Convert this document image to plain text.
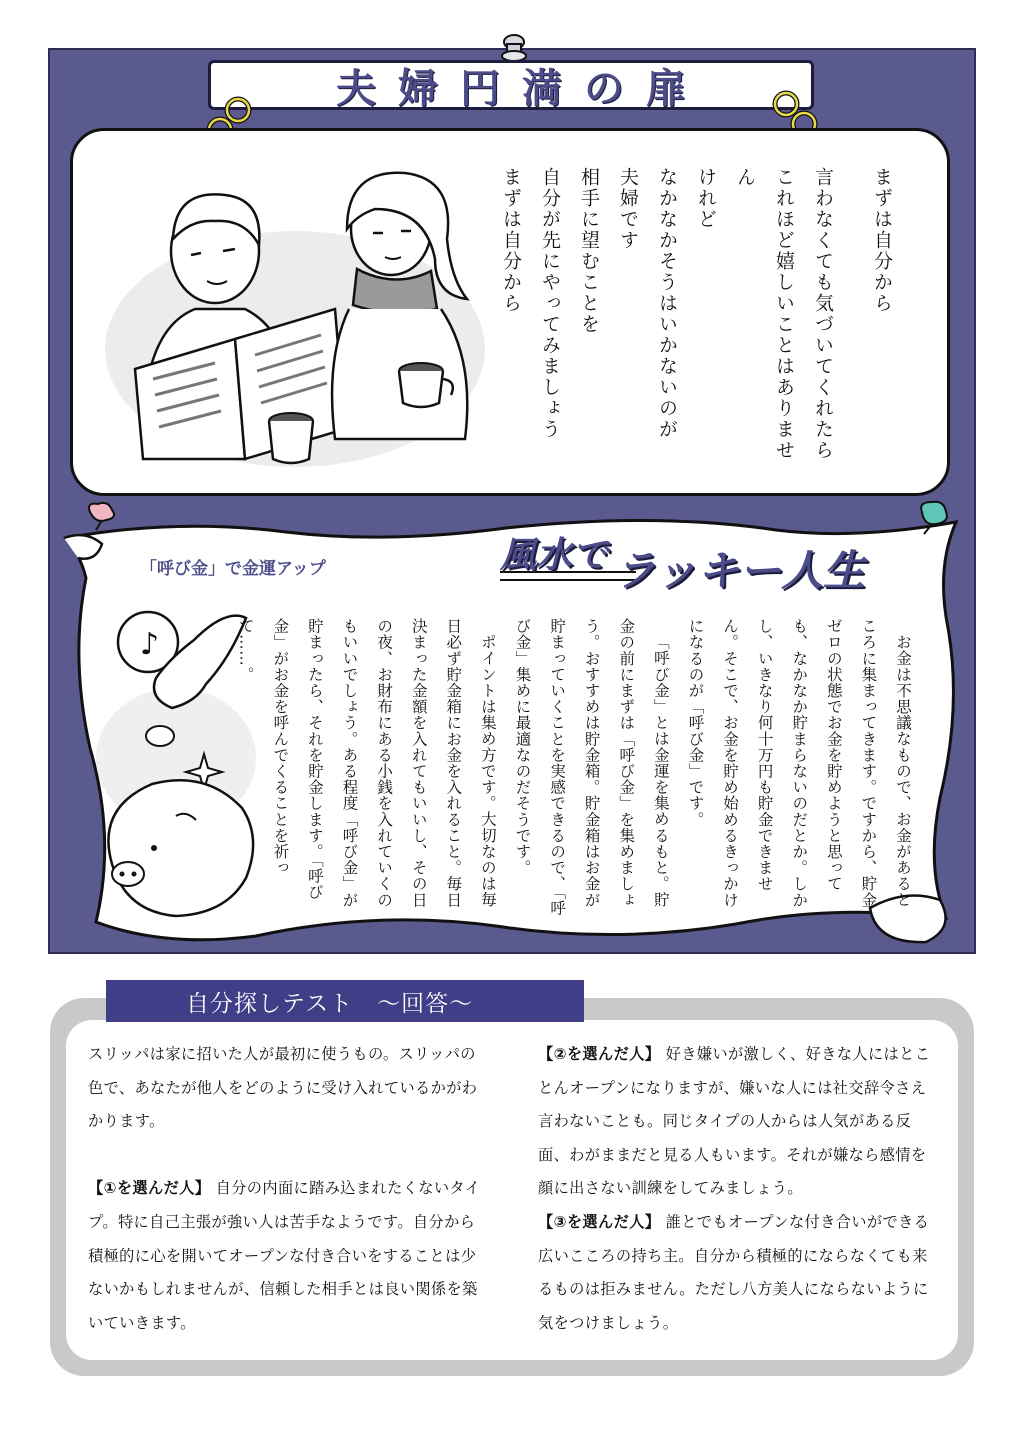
夫婦円満の扉
まずは自分から
言わなくても気づいてくれたら
これほど嬉しいことはありません
けれど
なかなかそうはいかないのが
夫婦です
相手に望むことを
自分が先にやってみましょう
まずは自分から
♪
風水で ラッキー人生
「呼び金」で金運アップ

お金は不思議なもので、お金があるところに集まってきます。ですから、貯金ゼロの状態でお金を貯めようと思っても、なかなか貯まらないのだとか。しかし、いきなり何十万円も貯金できません。そこで、お金を貯め始めるきっかけになるのが「呼び金」です。

「呼び金」とは金運を集めるもと。貯金の前にまずは「呼び金」を集めましょう。おすすめは貯金箱。貯金箱はお金が貯まっていくことを実感できるので、「呼び金」集めに最適なのだそうです。

ポイントは集め方です。大切なのは毎日必ず貯金箱にお金を入れること。毎日決まった金額を入れてもいいし、その日の夜、お財布にある小銭を入れていくのもいいでしょう。ある程度「呼び金」が貯まったら、それを貯金します。「呼び金」がお金を呼んでくることを祈って……。

自分探しテスト　～回答～

スリッパは家に招いた人が最初に使うもの。スリッパの色で、あなたが他人をどのように受け入れているかがわかります。

【①を選んだ人】 自分の内面に踏み込まれたくないタイプ。特に自己主張が強い人は苦手なようです。自分から積極的に心を開いてオープンな付き合いをすることは少ないかもしれませんが、信頼した相手とは良い関係を築いていきます。

【②を選んだ人】 好き嫌いが激しく、好きな人にはとことんオープンになりますが、嫌いな人には社交辞令さえ言わないことも。同じタイプの人からは人気がある反面、わがままだと見る人もいます。それが嫌なら感情を顔に出さない訓練をしてみましょう。

【③を選んだ人】 誰とでもオープンな付き合いができる広いこころの持ち主。自分から積極的にならなくても来るものは拒みません。ただし八方美人にならないように気をつけましょう。
